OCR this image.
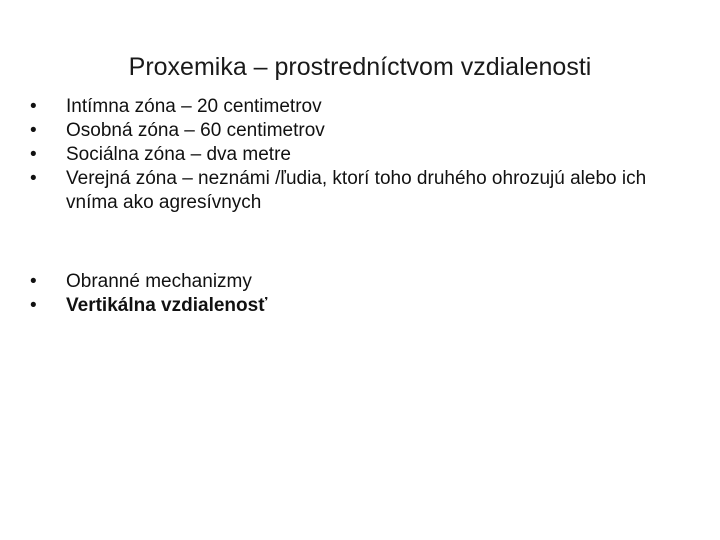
Proxemika – prostredníctvom vzdialenosti
•	Intímna zóna – 20 centimetrov
•	Osobná zóna – 60 centimetrov
•	Sociálna zóna – dva metre
•	Verejná zóna – neznámi /ľudia, ktorí toho druhého ohrozujú alebo ich vníma ako agresívnych
•	Obranné mechanizmy
•	Vertikálna vzdialenosť
